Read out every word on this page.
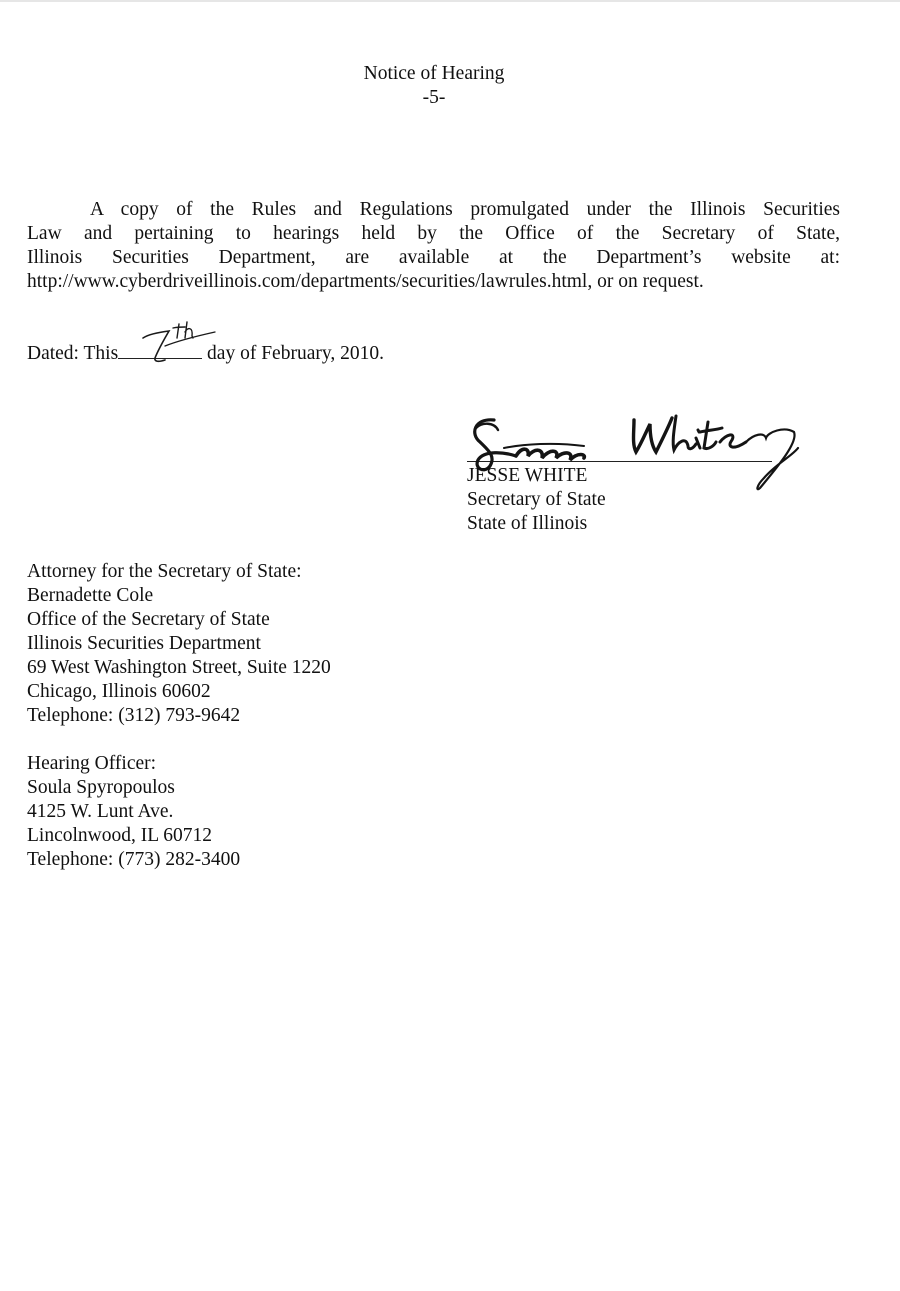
Notice of Hearing
-5-
A copy of the Rules and Regulations promulgated under the Illinois Securities
Law and pertaining to hearings held by the Office of the Secretary of State,
Illinois Securities Department, are available at the Department’s website at:
http://www.cyberdriveillinois.com/departments/securities/lawrules.html, or on request.
Dated: This	day of February, 2010.
JESSE WHITE
Secretary of State
State of Illinois
Attorney for the Secretary of State:
Bernadette Cole
Office of the Secretary of State
Illinois Securities Department
69 West Washington Street, Suite 1220
Chicago, Illinois 60602
Telephone: (312) 793-9642
Hearing Officer:
Soula Spyropoulos
4125 W. Lunt Ave.
Lincolnwood, IL 60712
Telephone: (773) 282-3400
